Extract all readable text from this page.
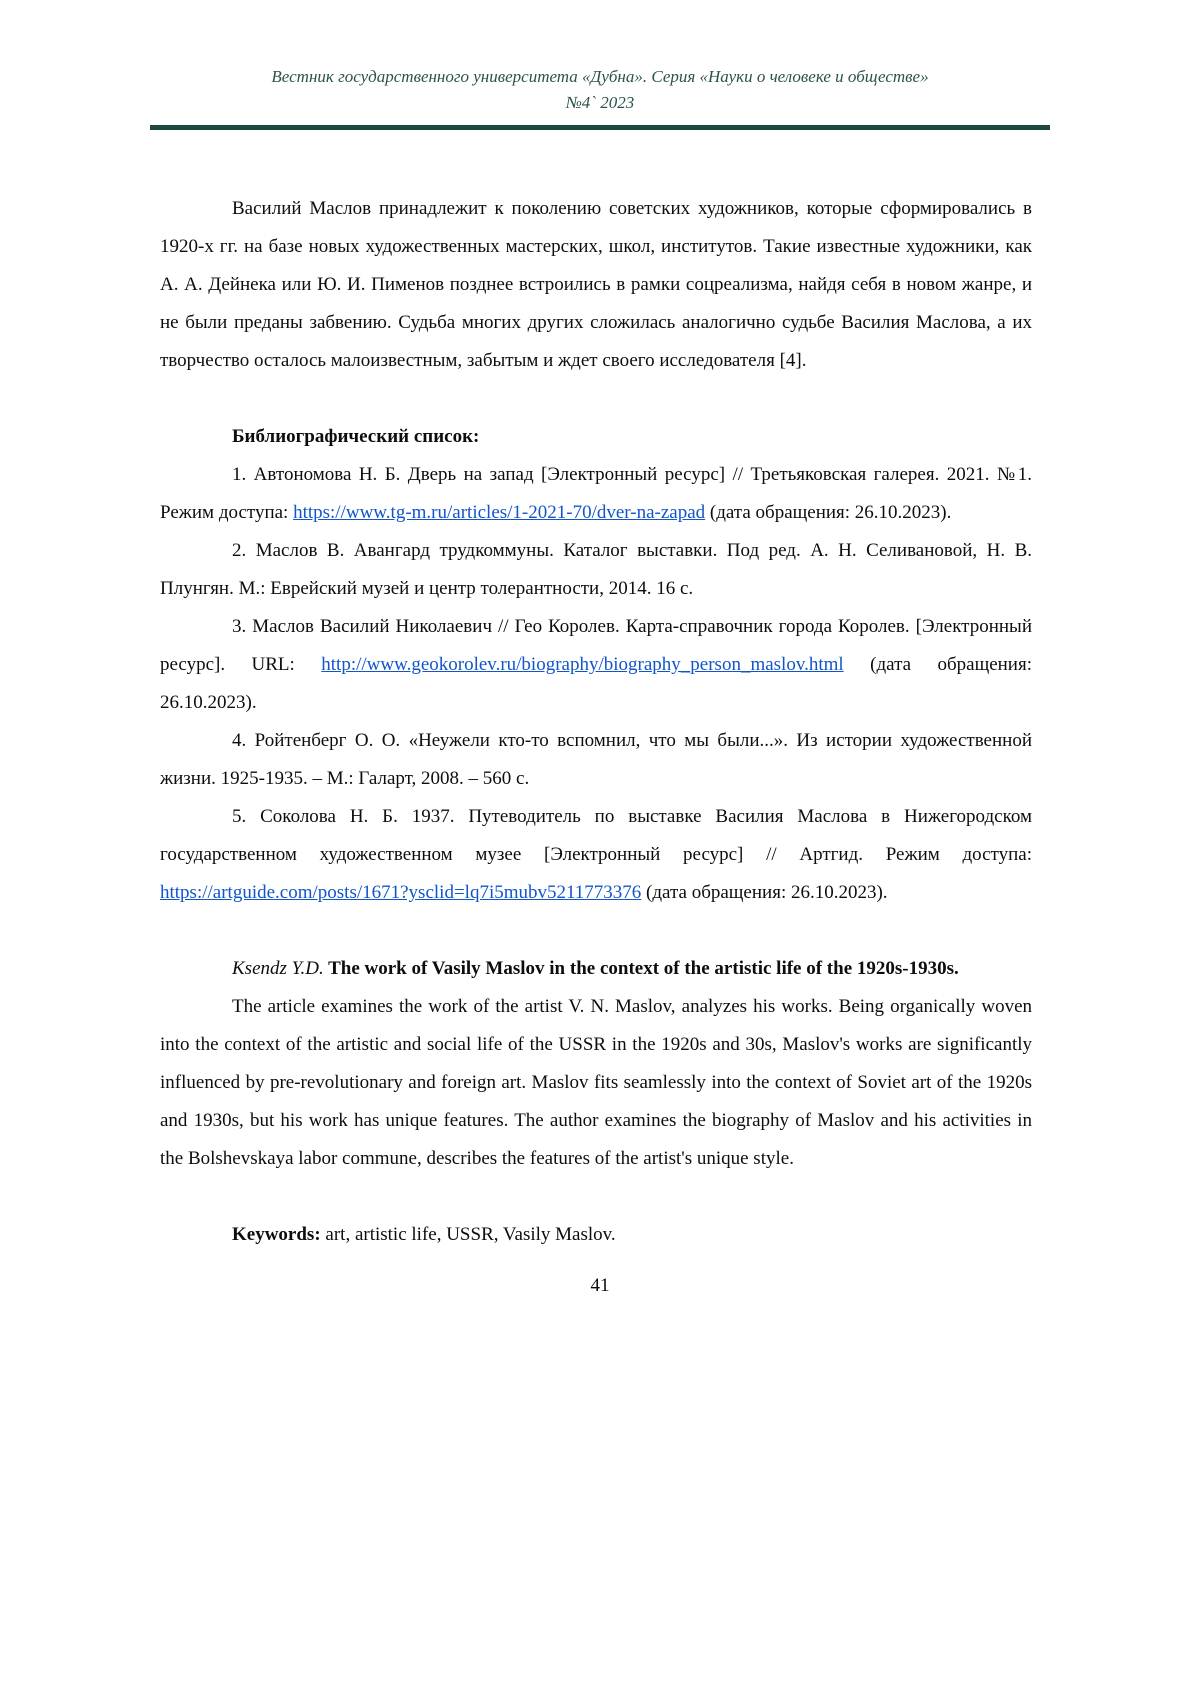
Вестник государственного университета «Дубна». Серия «Науки о человеке и обществе»
№4` 2023

Василий Маслов принадлежит к поколению советских художников, которые сформировались в 1920-х гг. на базе новых художественных мастерских, школ, институтов. Такие известные художники, как А. А. Дейнека или Ю. И. Пименов позднее встроились в рамки соцреализма, найдя себя в новом жанре, и не были преданы забвению. Судьба многих других сложилась аналогично судьбе Василия Маслова, а их творчество осталось малоизвестным, забытым и ждет своего исследователя [4].

Библиографический список:

1. Автономова Н. Б. Дверь на запад [Электронный ресурс] // Третьяковская галерея. 2021. №1. Режим доступа: https://www.tg-m.ru/articles/1-2021-70/dver-na-zapad (дата обращения: 26.10.2023).

2. Маслов В. Авангард трудкоммуны. Каталог выставки. Под ред. А. Н. Селивановой, Н. В. Плунгян. М.: Еврейский музей и центр толерантности, 2014. 16 с.

3. Маслов Василий Николаевич // Гео Королев. Карта-справочник города Королев. [Электронный ресурс]. URL: http://www.geokorolev.ru/biography/biography_person_maslov.html (дата обращения: 26.10.2023).

4. Ройтенберг О. О. «Неужели кто-то вспомнил, что мы были...». Из истории художественной жизни. 1925-1935. – М.: Галарт, 2008. – 560 с.

5. Соколова Н. Б. 1937. Путеводитель по выставке Василия Маслова в Нижегородском государственном художественном музее [Электронный ресурс] // Артгид. Режим доступа: https://artguide.com/posts/1671?ysclid=lq7i5mubv5211773376 (дата обращения: 26.10.2023).

Ksendz Y.D. The work of Vasily Maslov in the context of the artistic life of the 1920s-1930s.

The article examines the work of the artist V. N. Maslov, analyzes his works. Being organically woven into the context of the artistic and social life of the USSR in the 1920s and 30s, Maslov's works are significantly influenced by pre-revolutionary and foreign art. Maslov fits seamlessly into the context of Soviet art of the 1920s and 1930s, but his work has unique features. The author examines the biography of Maslov and his activities in the Bolshevskaya labor commune, describes the features of the artist's unique style.

Keywords: art, artistic life, USSR, Vasily Maslov.

41
